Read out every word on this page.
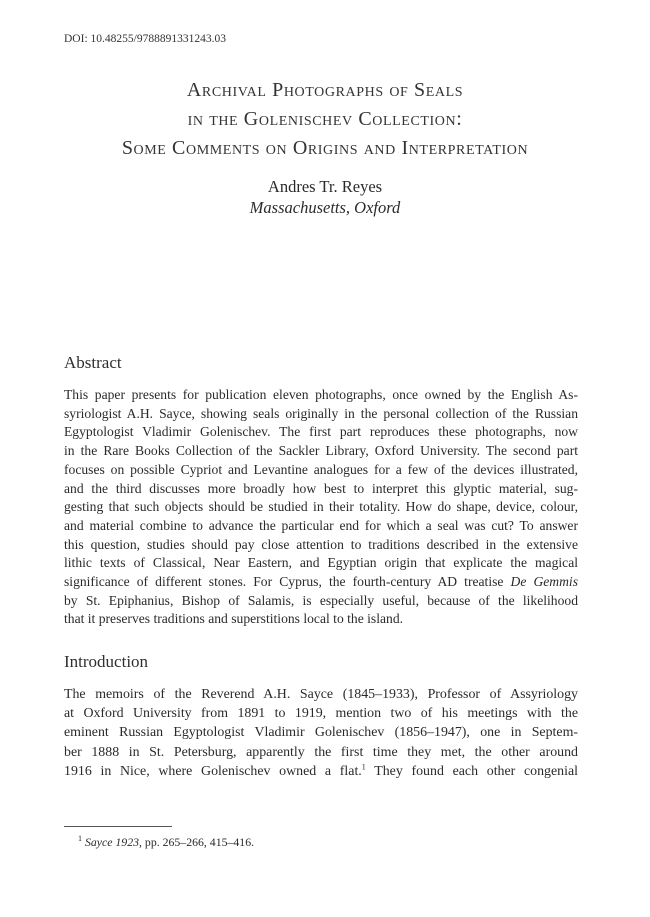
DOI: 10.48255/9788891331243.03
Archival Photographs of Seals
in the Golenischev Collection:
Some Comments on Origins and Interpretation
Andres Tr. Reyes
Massachusetts, Oxford
Abstract
This paper presents for publication eleven photographs, once owned by the English As-
syriologist A.H. Sayce, showing seals originally in the personal collection of the Russian
Egyptologist Vladimir Golenischev. The first part reproduces these photographs, now
in the Rare Books Collection of the Sackler Library, Oxford University. The second part
focuses on possible Cypriot and Levantine analogues for a few of the devices illustrated,
and the third discusses more broadly how best to interpret this glyptic material, sug-
gesting that such objects should be studied in their totality. How do shape, device, colour,
and material combine to advance the particular end for which a seal was cut? To answer
this question, studies should pay close attention to traditions described in the extensive
lithic texts of Classical, Near Eastern, and Egyptian origin that explicate the magical
significance of different stones. For Cyprus, the fourth-century AD treatise De Gemmis
by St. Epiphanius, Bishop of Salamis, is especially useful, because of the likelihood
that it preserves traditions and superstitions local to the island.
Introduction
The memoirs of the Reverend A.H. Sayce (1845–1933), Professor of Assyriology
at Oxford University from 1891 to 1919, mention two of his meetings with the
eminent Russian Egyptologist Vladimir Golenischev (1856–1947), one in Septem-
ber 1888 in St. Petersburg, apparently the first time they met, the other around
1916 in Nice, where Golenischev owned a flat.$^1$ They found each other congenial
$^1$ Sayce 1923, pp. 265–266, 415–416.
